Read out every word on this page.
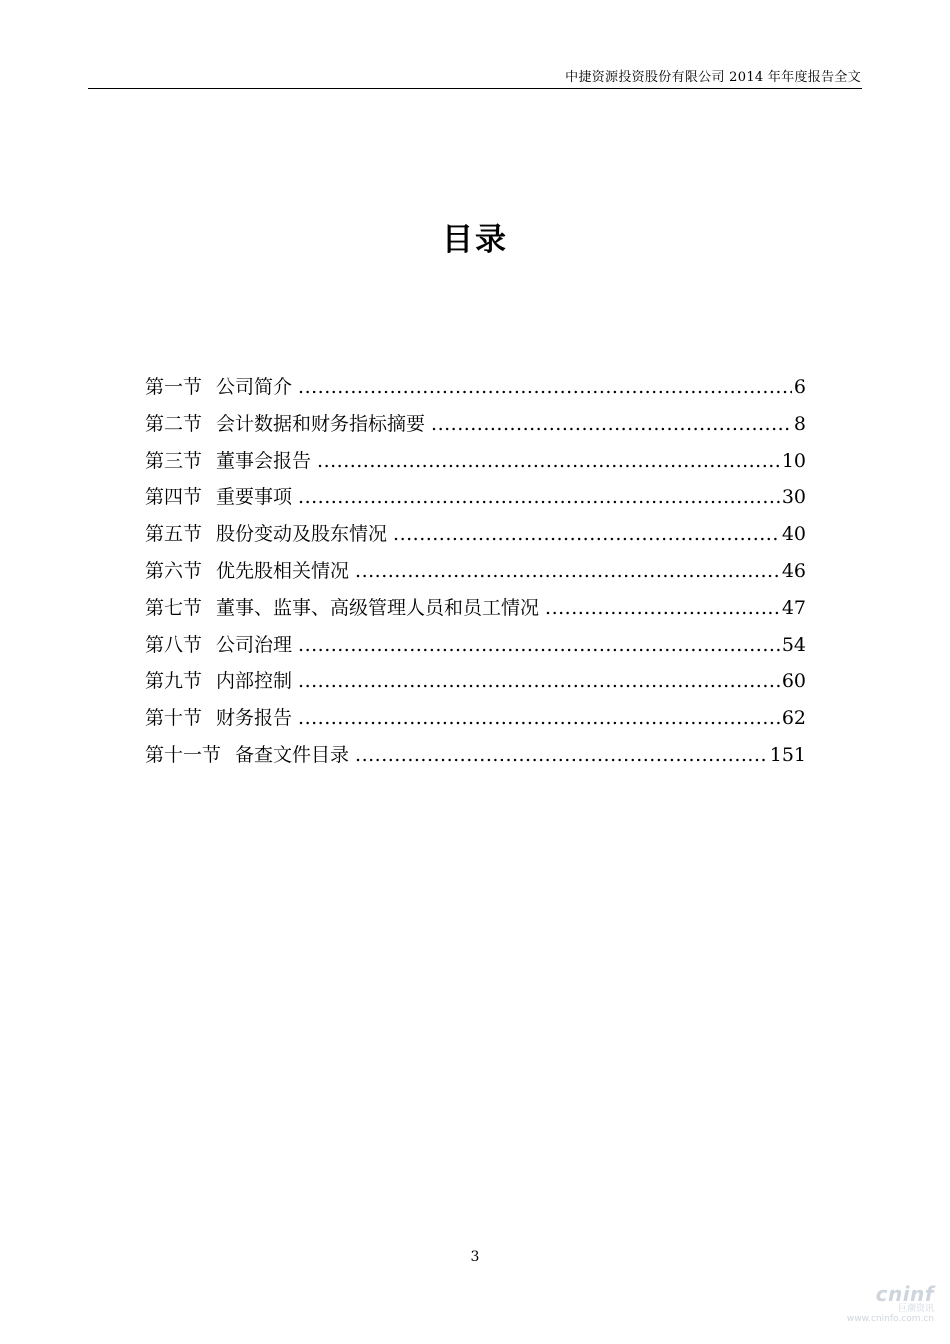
中捷资源投资股份有限公司 2014 年年度报告全文
目录
第一节 公司简介 .....	6
第二节 会计数据和财务指标摘要 .....	8
第三节 董事会报告 .....	10
第四节 重要事项 .....	30
第五节 股份变动及股东情况 .....	40
第六节 优先股相关情况 .....	46
第七节 董事、监事、高级管理人员和员工情况 .....	47
第八节 公司治理 .....	54
第九节 内部控制 .....	60
第十节 财务报告 .....	62
第十一节 备查文件目录 .....	151
3
cninf
巨潮资讯
www.cninfo.com.cn
